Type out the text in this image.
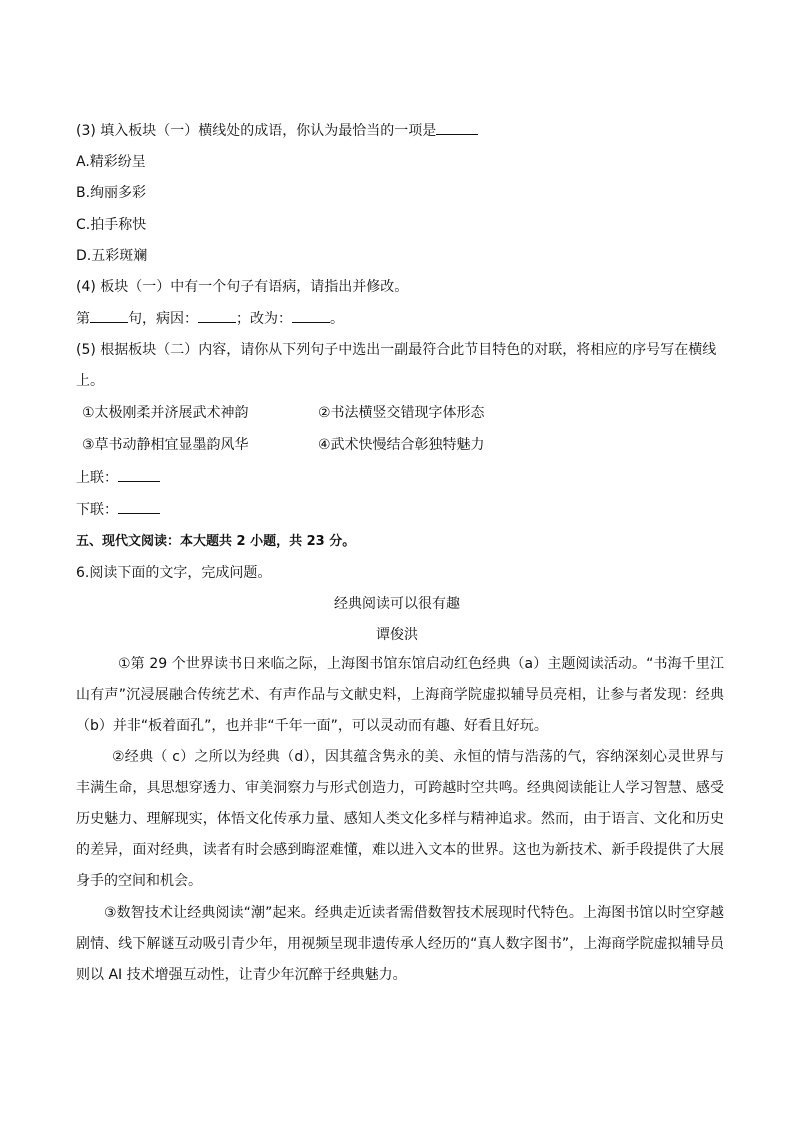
(3) 填入板块（一）横线处的成语，你认为最恰当的一项是
A.精彩纷呈
B.绚丽多彩
C.拍手称快
D.五彩斑斓
(4) 板块（一）中有一个句子有语病，请指出并修改。
第	句，病因：	；改为：	。
(5) 根据板块（二）内容，请你从下列句子中选出一副最符合此节目特色的对联，将相应的序号写在横线
上。
①太极刚柔并济展武术神韵	②书法横竖交错现字体形态
③草书动静相宜显墨韵风华	④武术快慢结合彰独特魅力
上联：
下联：
五、现代文阅读：本大题共 2 小题，共 23 分。
6.阅读下面的文字，完成问题。
经典阅读可以很有趣
谭俊洪
①第 29 个世界读书日来临之际，上海图书馆东馆启动红色经典（a）主题阅读活动。“书海千里江山有声”沉浸展融合传统艺术、有声作品与文献史料，上海商学院虚拟辅导员亮相，让参与者发现：经典（b）并非“板着面孔”，也并非“千年一面”，可以灵动而有趣、好看且好玩。
②经典（ c）之所以为经典（d），因其蕴含隽永的美、永恒的情与浩荡的气，容纳深刻心灵世界与丰满生命，具思想穿透力、审美洞察力与形式创造力，可跨越时空共鸣。经典阅读能让人学习智慧、感受历史魅力、理解现实，体悟文化传承力量、感知人类文化多样与精神追求。然而，由于语言、文化和历史的差异，面对经典，读者有时会感到晦涩难懂，难以进入文本的世界。这也为新技术、新手段提供了大展身手的空间和机会。
③数智技术让经典阅读“潮”起来。经典走近读者需借数智技术展现时代特色。上海图书馆以时空穿越剧情、线下解谜互动吸引青少年，用视频呈现非遗传承人经历的“真人数字图书”，上海商学院虚拟辅导员则以 AI 技术增强互动性，让青少年沉醉于经典魅力。
